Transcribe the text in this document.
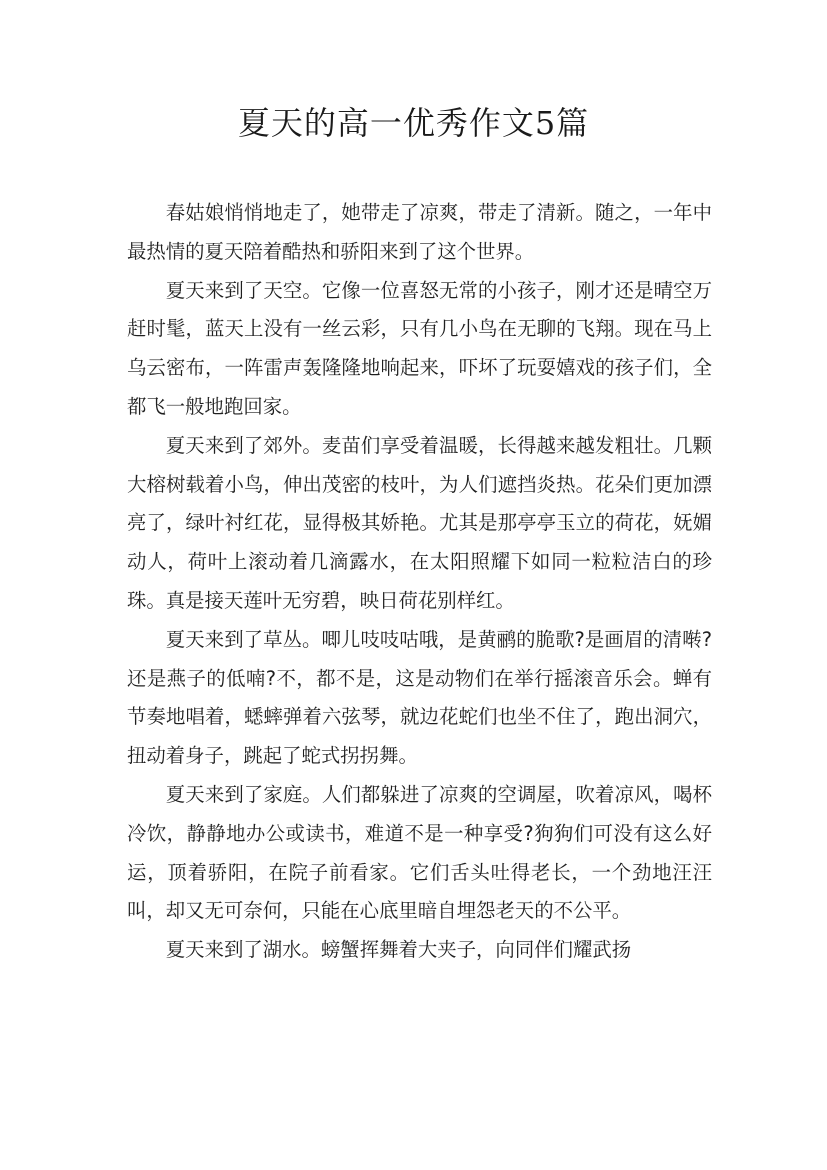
夏天的高一优秀作文5篇

春姑娘悄悄地走了，她带走了凉爽，带走了清新。随之，一年中最热情的夏天陪着酷热和骄阳来到了这个世界。

夏天来到了天空。它像一位喜怒无常的小孩子，刚才还是晴空万赶时髦，蓝天上没有一丝云彩，只有几小鸟在无聊的飞翔。现在马上乌云密布，一阵雷声轰隆隆地响起来，吓坏了玩耍嬉戏的孩子们，全都飞一般地跑回家。

夏天来到了郊外。麦苗们享受着温暖，长得越来越发粗壮。几颗大榕树载着小鸟，伸出茂密的枝叶，为人们遮挡炎热。花朵们更加漂亮了，绿叶衬红花，显得极其娇艳。尤其是那亭亭玉立的荷花，妩媚动人，荷叶上滚动着几滴露水，在太阳照耀下如同一粒粒洁白的珍珠。真是接天莲叶无穷碧，映日荷花别样红。

夏天来到了草丛。唧儿吱吱咕哦，是黄鹂的脆歌?是画眉的清啭?还是燕子的低喃?不，都不是，这是动物们在举行摇滚音乐会。蝉有节奏地唱着，蟋蟀弹着六弦琴，就边花蛇们也坐不住了，跑出洞穴，扭动着身子，跳起了蛇式拐拐舞。

夏天来到了家庭。人们都躲进了凉爽的空调屋，吹着凉风，喝杯冷饮，静静地办公或读书，难道不是一种享受?狗狗们可没有这么好运，顶着骄阳，在院子前看家。它们舌头吐得老长，一个劲地汪汪叫，却又无可奈何，只能在心底里暗自埋怨老天的不公平。

夏天来到了湖水。螃蟹挥舞着大夹子，向同伴们耀武扬
